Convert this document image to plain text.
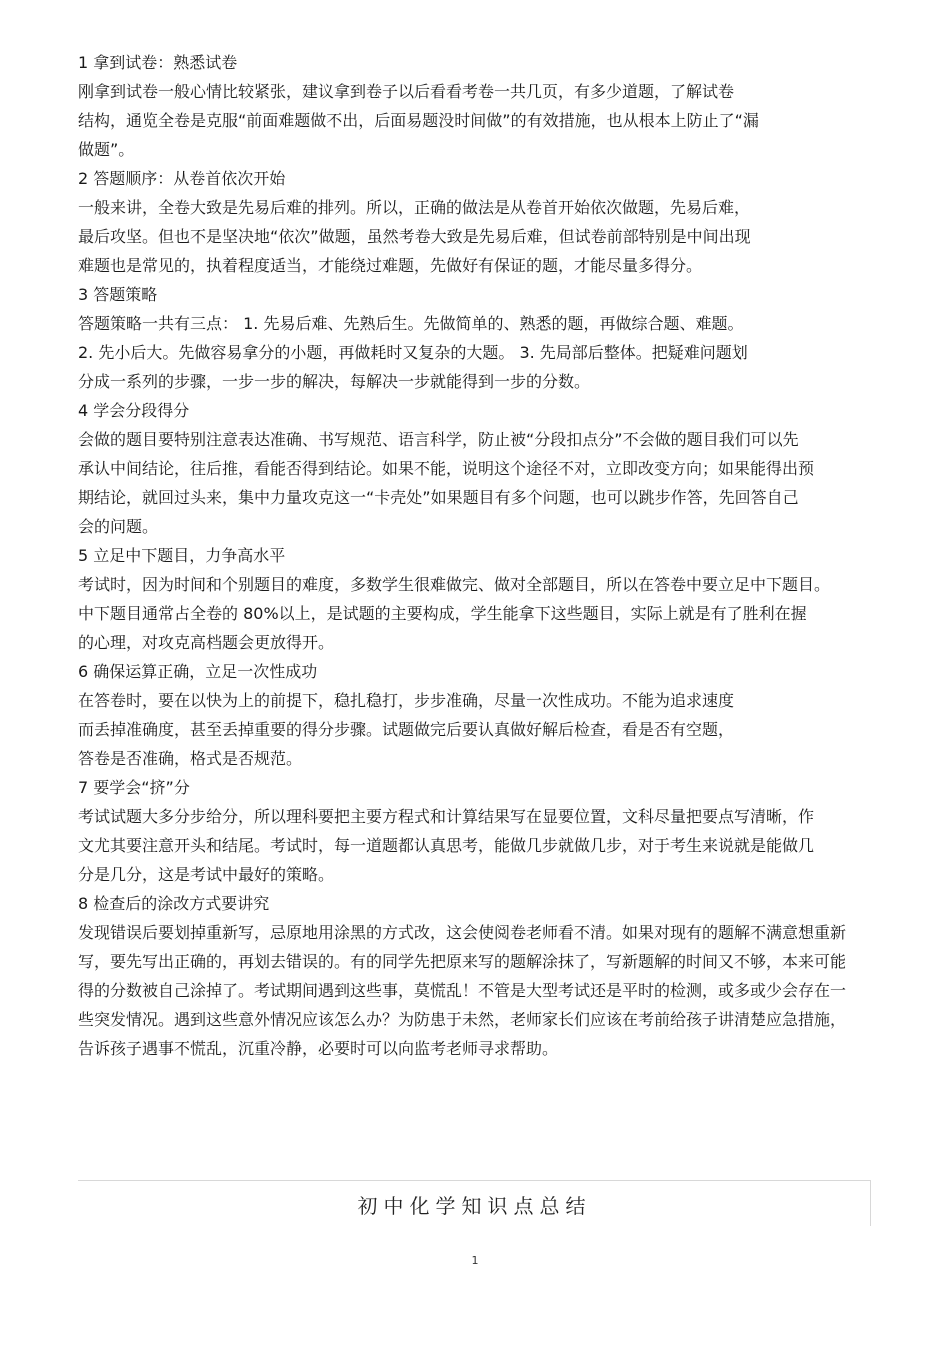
1 拿到试卷：熟悉试卷
刚拿到试卷一般心情比较紧张，建议拿到卷子以后看看考卷一共几页，有多少道题，了解试卷
结构，通览全卷是克服“前面难题做不出，后面易题没时间做”的有效措施，也从根本上防止了“漏
做题”。
2 答题顺序：从卷首依次开始
一般来讲，全卷大致是先易后难的排列。所以，正确的做法是从卷首开始依次做题，先易后难，
最后攻坚。但也不是坚决地“依次”做题，虽然考卷大致是先易后难，但试卷前部特别是中间出现
难题也是常见的，执着程度适当，才能绕过难题，先做好有保证的题，才能尽量多得分。
3 答题策略
答题策略一共有三点： 1. 先易后难、先熟后生。先做简单的、熟悉的题，再做综合题、难题。
2. 先小后大。先做容易拿分的小题，再做耗时又复杂的大题。 3. 先局部后整体。把疑难问题划
分成一系列的步骤，一步一步的解决，每解决一步就能得到一步的分数。
4 学会分段得分
会做的题目要特别注意表达准确、书写规范、语言科学，防止被“分段扣点分”不会做的题目我们可以先
承认中间结论，往后推，看能否得到结论。如果不能，说明这个途径不对，立即改变方向；如果能得出预
期结论，就回过头来，集中力量攻克这一“卡壳处”如果题目有多个问题，也可以跳步作答，先回答自己
会的问题。
5 立足中下题目，力争高水平
考试时，因为时间和个别题目的难度，多数学生很难做完、做对全部题目，所以在答卷中要立足中下题目。
中下题目通常占全卷的 80%以上，是试题的主要构成，学生能拿下这些题目，实际上就是有了胜利在握
的心理，对攻克高档题会更放得开。
6 确保运算正确，立足一次性成功
在答卷时，要在以快为上的前提下，稳扎稳打，步步准确，尽量一次性成功。不能为追求速度
而丢掉准确度，甚至丢掉重要的得分步骤。试题做完后要认真做好解后检查，看是否有空题，
答卷是否准确，格式是否规范。
7 要学会“挤”分
考试试题大多分步给分，所以理科要把主要方程式和计算结果写在显要位置，文科尽量把要点写清晰，作
文尤其要注意开头和结尾。考试时，每一道题都认真思考，能做几步就做几步，对于考生来说就是能做几
分是几分，这是考试中最好的策略。
8 检查后的涂改方式要讲究
发现错误后要划掉重新写，忌原地用涂黑的方式改，这会使阅卷老师看不清。如果对现有的题解不满意想重新
写，要先写出正确的，再划去错误的。有的同学先把原来写的题解涂抹了，写新题解的时间又不够，本来可能
得的分数被自己涂掉了。考试期间遇到这些事，莫慌乱！不管是大型考试还是平时的检测，或多或少会存在一
些突发情况。遇到这些意外情况应该怎么办？为防患于未然，老师家长们应该在考前给孩子讲清楚应急措施，
告诉孩子遇事不慌乱，沉重冷静，必要时可以向监考老师寻求帮助。
初中化学知识点总结
1
